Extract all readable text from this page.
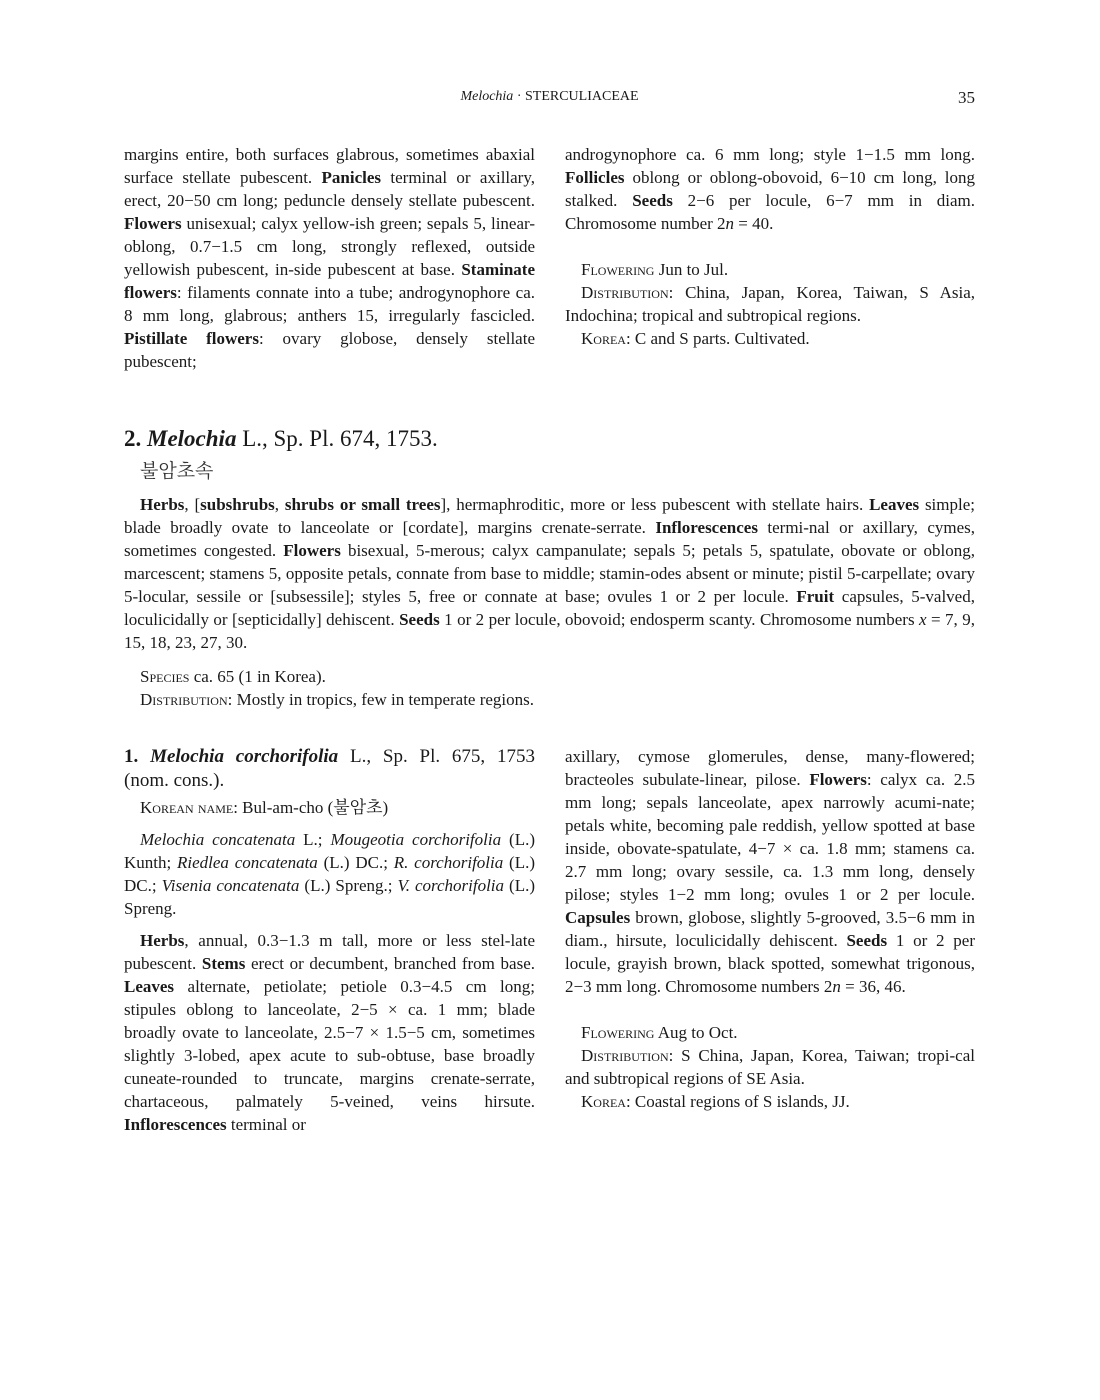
Melochia · STERCULIACEAE	35

margins entire, both surfaces glabrous, sometimes abaxial surface stellate pubescent. Panicles terminal or axillary, erect, 20−50 cm long; peduncle densely stellate pubescent. Flowers unisexual; calyx yellow-ish green; sepals 5, linear-oblong, 0.7−1.5 cm long, strongly reflexed, outside yellowish pubescent, in-side pubescent at base. Staminate flowers: filaments connate into a tube; androgynophore ca. 8 mm long, glabrous; anthers 15, irregularly fascicled. Pistillate flowers: ovary globose, densely stellate pubescent;

androgynophore ca. 6 mm long; style 1−1.5 mm long. Follicles oblong or oblong-obovoid, 6−10 cm long, long stalked. Seeds 2−6 per locule, 6−7 mm in diam. Chromosome number 2n = 40.

Flowering Jun to Jul.

Distribution: China, Japan, Korea, Taiwan, S Asia, Indochina; tropical and subtropical regions.

Korea: C and S parts. Cultivated.

2. Melochia L., Sp. Pl. 674, 1753.
불암초속

Herbs, [subshrubs, shrubs or small trees], hermaphroditic, more or less pubescent with stellate hairs. Leaves simple; blade broadly ovate to lanceolate or [cordate], margins crenate-serrate. Inflorescences termi-nal or axillary, cymes, sometimes congested. Flowers bisexual, 5-merous; calyx campanulate; sepals 5; petals 5, spatulate, obovate or oblong, marcescent; stamens 5, opposite petals, connate from base to middle; stamin-odes absent or minute; pistil 5-carpellate; ovary 5-locular, sessile or [subsessile]; styles 5, free or connate at base; ovules 1 or 2 per locule. Fruit capsules, 5-valved, loculicidally or [septicidally] dehiscent. Seeds 1 or 2 per locule, obovoid; endosperm scanty. Chromosome numbers x = 7, 9, 15, 18, 23, 27, 30.

Species ca. 65 (1 in Korea).

Distribution: Mostly in tropics, few in temperate regions.

1. Melochia corchorifolia L., Sp. Pl. 675, 1753 (nom. cons.).

Korean name: Bul-am-cho (불암초)

Melochia concatenata L.; Mougeotia corchorifolia (L.) Kunth; Riedlea concatenata (L.) DC.; R. corchorifolia (L.) DC.; Visenia concatenata (L.) Spreng.; V. corchorifolia (L.) Spreng.

Herbs, annual, 0.3−1.3 m tall, more or less stel-late pubescent. Stems erect or decumbent, branched from base. Leaves alternate, petiolate; petiole 0.3−4.5 cm long; stipules oblong to lanceolate, 2−5 × ca. 1 mm; blade broadly ovate to lanceolate, 2.5−7 × 1.5−5 cm, sometimes slightly 3-lobed, apex acute to sub-obtuse, base broadly cuneate-rounded to truncate, margins crenate-serrate, chartaceous, palmately 5-veined, veins hirsute. Inflorescences terminal or

axillary, cymose glomerules, dense, many-flowered; bracteoles subulate-linear, pilose. Flowers: calyx ca. 2.5 mm long; sepals lanceolate, apex narrowly acumi-nate; petals white, becoming pale reddish, yellow spotted at base inside, obovate-spatulate, 4−7 × ca. 1.8 mm; stamens ca. 2.7 mm long; ovary sessile, ca. 1.3 mm long, densely pilose; styles 1−2 mm long; ovules 1 or 2 per locule. Capsules brown, globose, slightly 5-grooved, 3.5−6 mm in diam., hirsute, loculicidally dehiscent. Seeds 1 or 2 per locule, grayish brown, black spotted, somewhat trigonous, 2−3 mm long. Chromosome numbers 2n = 36, 46.

Flowering Aug to Oct.

Distribution: S China, Japan, Korea, Taiwan; tropi-cal and subtropical regions of SE Asia.

Korea: Coastal regions of S islands, JJ.
